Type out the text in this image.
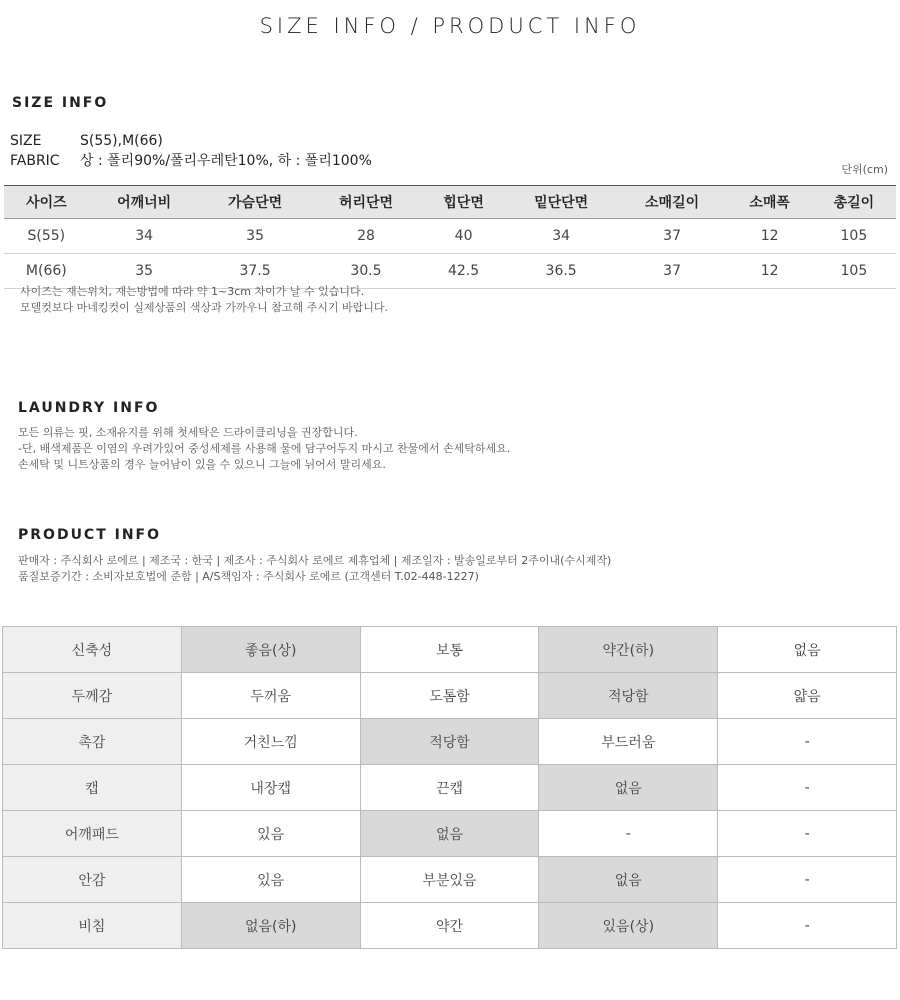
SIZE INFO / PRODUCT INFO
SIZE INFO
SIZE	S(55),M(66)
FABRIC 상 : 폴리90%/폴리우레탄10%, 하 : 폴리100%
단위(cm)
사이즈	어깨너비	가슴단면	허리단면	힙단면	밑단단면	소매길이	소매폭	총길이
S(55)	34	35	28	40	34	37	12	105
M(66)	35	37.5	30.5	42.5	36.5	37	12	105
사이즈는 재는위치, 재는방법에 따라 약 1~3cm 차이가 날 수 있습니다.
모델컷보다 마네킹컷이 실제상품의 색상과 가까우니 참고해 주시기 바랍니다.
LAUNDRY INFO
모든 의류는 핏, 소재유지를 위해 첫세탁은 드라이클리닝을 권장합니다.
-단, 배색제품은 이염의 우려가있어 중성세제를 사용해 물에 담구어두지 마시고 찬물에서 손세탁하세요.
손세탁 및 니트상품의 경우 늘어남이 있을 수 있으니 그늘에 뉘어서 말리세요.
PRODUCT INFO
판매자 : 주식회사 로에르 | 제조국 : 한국 | 제조사 : 주식회사 로에르 제휴업체 | 제조일자 : 발송일로부터 2주이내(수시제작)
품질보증기간 : 소비자보호법에 준함 | A/S책임자 : 주식회사 로에르 (고객센터 T.02-448-1227)
신축성	좋음(상)	보통	약간(하)	없음
두께감	두꺼움	도톰함	적당함	얇음
촉감	거친느낌	적당함	부드러움	-
캡	내장캡	끈캡	없음	-
어깨패드	있음	없음	-	-
안감	있음	부분있음	없음	-
비침	없음(하)	약간	있음(상)	-
